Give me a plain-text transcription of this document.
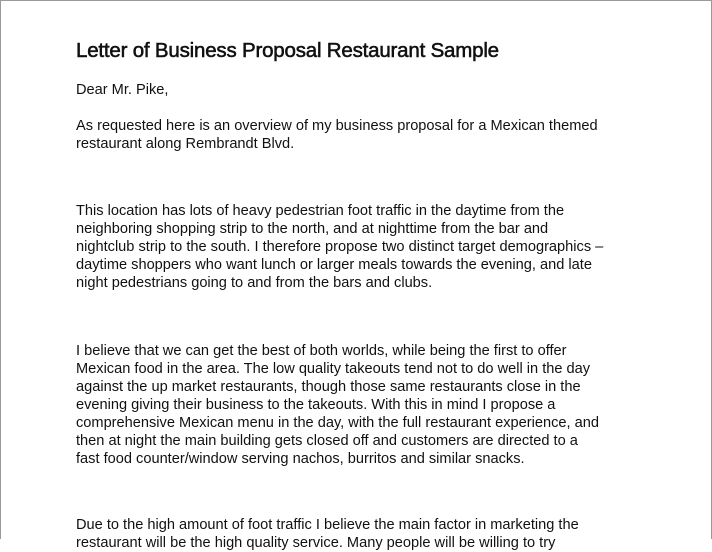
Letter of Business Proposal Restaurant Sample
Dear Mr. Pike,
As requested here is an overview of my business proposal for a Mexican themed
restaurant along Rembrandt Blvd.
This location has lots of heavy pedestrian foot traffic in the daytime from the
neighboring shopping strip to the north, and at nighttime from the bar and
nightclub strip to the south. I therefore propose two distinct target demographics –
daytime shoppers who want lunch or larger meals towards the evening, and late
night pedestrians going to and from the bars and clubs.
I believe that we can get the best of both worlds, while being the first to offer
Mexican food in the area. The low quality takeouts tend not to do well in the day
against the up market restaurants, though those same restaurants close in the
evening giving their business to the takeouts. With this in mind I propose a
comprehensive Mexican menu in the day, with the full restaurant experience, and
then at night the main building gets closed off and customers are directed to a
fast food counter/window serving nachos, burritos and similar snacks.
Due to the high amount of foot traffic I believe the main factor in marketing the
restaurant will be the high quality service. Many people will be willing to try
